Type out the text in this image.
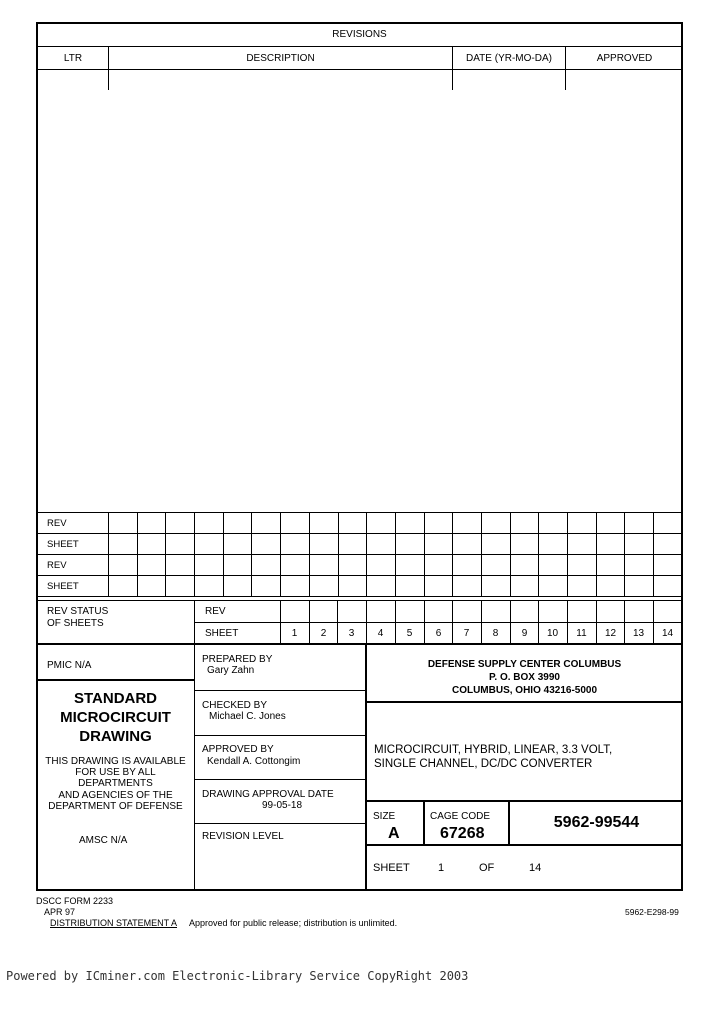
REVISIONS
LTR	DESCRIPTION	DATE (YR-MO-DA)	APPROVED
REV																				
SHEET																				
REV																				
SHEET																				
REV STATUS
OF SHEETS
REV
SHEET	1	2	3	4	5	6	7	8	9	10	11	12	13	14
PMIC N/A
STANDARD
MICROCIRCUIT
DRAWING
THIS DRAWING IS AVAILABLE
FOR USE BY ALL
DEPARTMENTS
AND AGENCIES OF THE
DEPARTMENT OF DEFENSE
AMSC N/A
PREPARED BY
Gary Zahn
CHECKED BY
Michael C. Jones
APPROVED BY
Kendall A. Cottongim
DRAWING APPROVAL DATE
99-05-18
REVISION LEVEL
DEFENSE SUPPLY CENTER COLUMBUS
P. O. BOX 3990
COLUMBUS, OHIO 43216-5000
MICROCIRCUIT, HYBRID, LINEAR, 3.3 VOLT,
SINGLE CHANNEL, DC/DC CONVERTER
SIZE
A
CAGE CODE
67268
5962-99544
SHEET	1	OF	14
DSCC FORM 2233
APR 97
DISTRIBUTION STATEMENT A Approved for public release; distribution is unlimited.
5962-E298-99
Powered by ICminer.com Electronic-Library Service CopyRight 2003
